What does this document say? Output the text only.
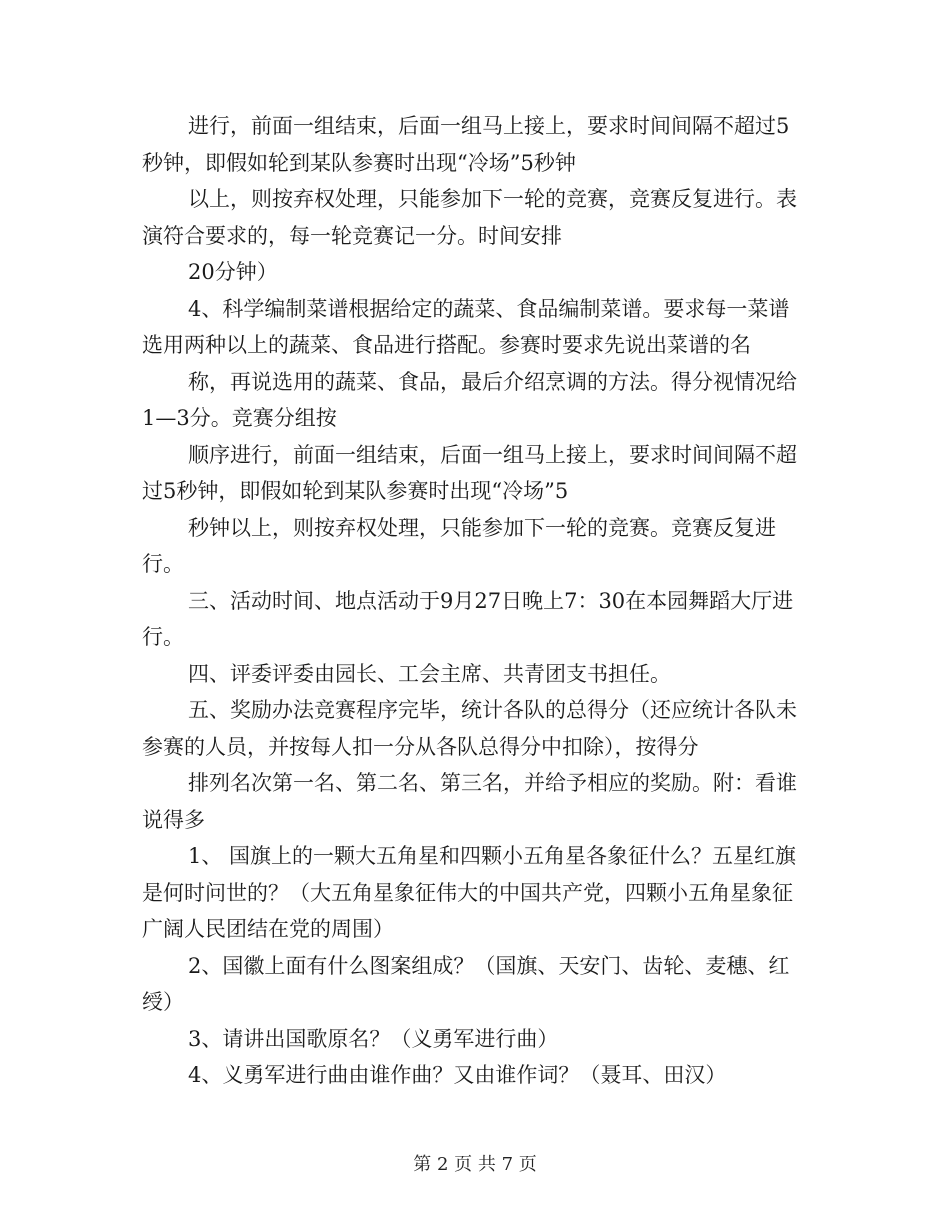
进行，前面一组结束，后面一组马上接上，要求时间间隔不超过5秒钟，即假如轮到某队参赛时出现“冷场”5秒钟

以上，则按弃权处理，只能参加下一轮的竞赛，竞赛反复进行。表演符合要求的，每一轮竞赛记一分。时间安排

20分钟）

4、科学编制菜谱根据给定的蔬菜、食品编制菜谱。要求每一菜谱选用两种以上的蔬菜、食品进行搭配。参赛时要求先说出菜谱的名

称，再说选用的蔬菜、食品，最后介绍烹调的方法。得分视情况给1—3分。竞赛分组按

顺序进行，前面一组结束，后面一组马上接上，要求时间间隔不超过5秒钟，即假如轮到某队参赛时出现“冷场”5

秒钟以上，则按弃权处理，只能参加下一轮的竞赛。竞赛反复进行。

三、活动时间、地点活动于9月27日晚上7：30在本园舞蹈大厅进行。

四、评委评委由园长、工会主席、共青团支书担任。

五、奖励办法竞赛程序完毕，统计各队的总得分（还应统计各队未参赛的人员，并按每人扣一分从各队总得分中扣除），按得分

排列名次第一名、第二名、第三名，并给予相应的奖励。附：看谁说得多

1、 国旗上的一颗大五角星和四颗小五角星各象征什么？五星红旗是何时问世的？（大五角星象征伟大的中国共产党，四颗小五角星象征广阔人民团结在党的周围）

2、国徽上面有什么图案组成？（国旗、天安门、齿轮、麦穗、红绶）

3、请讲出国歌原名？（义勇军进行曲）

4、义勇军进行曲由谁作曲？又由谁作词？（聂耳、田汉）

第 2 页 共 7 页
